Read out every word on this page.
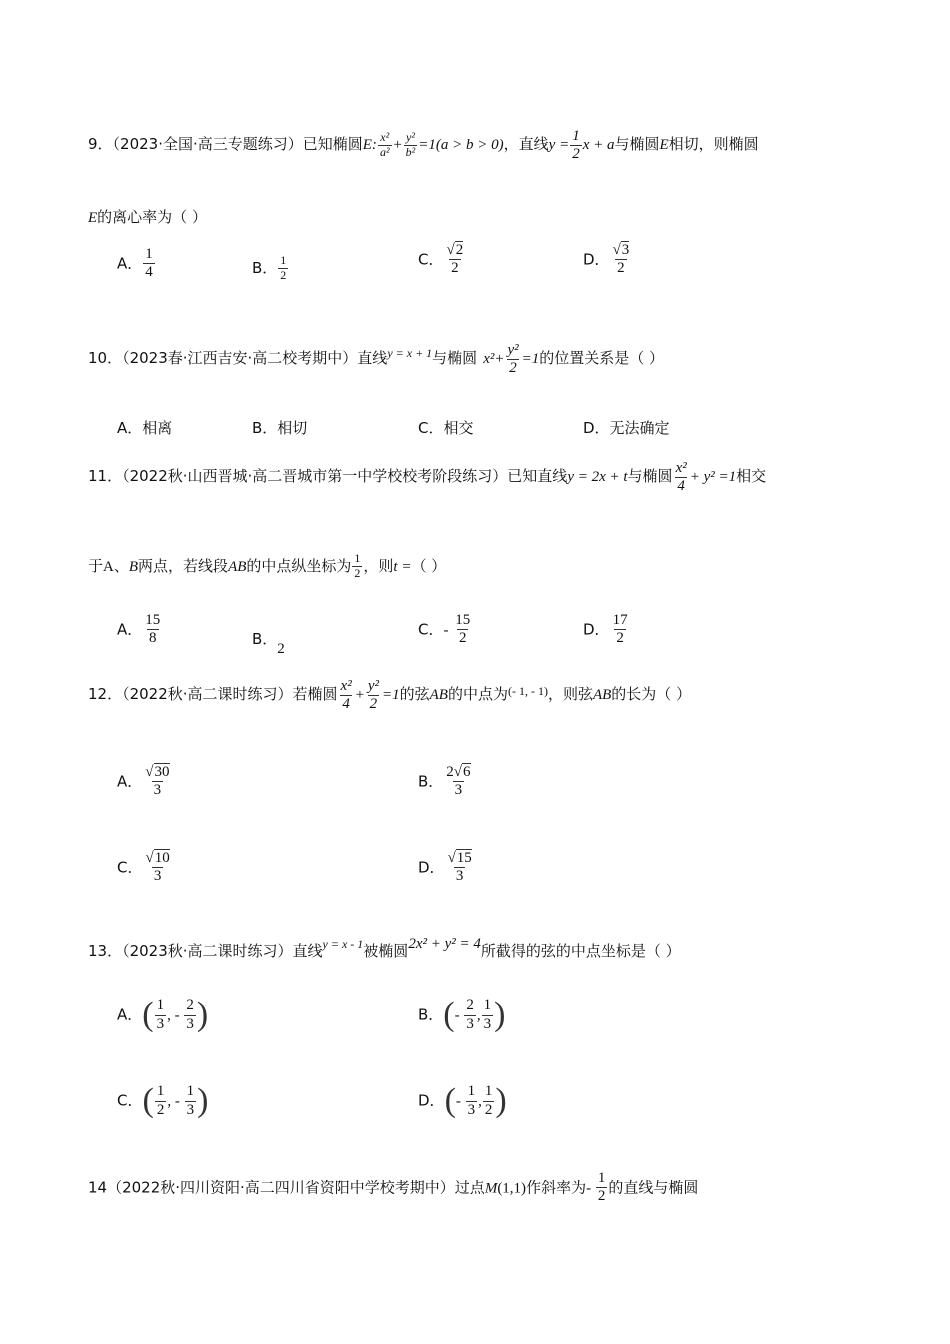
9．（2023·全国·高三专题练习）已知椭圆E: $\frac{\text{x²}}{\text{a²}} + \frac{\text{y²}}{\text{b²}} =1(a > b > 0)$，直线$y = \frac{1}{2}$ x + a与椭圆E相切，则椭圆
E的离心率为（ ）
A． $\frac{1}{4}$	B． $\frac{1}{2}$	C． $\frac{√2}{2}$	D． $\frac{√3}{2}$
10．（2023春·江西吉安·高二校考期中）直线$^{y = x + 1}$与椭圆 $x^2+ \frac{\text{y²}}{2} =1$的位置关系是（ ）
A．相离	B．相切	C．相交	D．无法确定
11．（2022秋·山西晋城·高二晋城市第一中学校校考阶段练习）已知直线y = 2x + t与椭圆 $\frac{\text{x²}}{4} + y^2 =1$相交
于A、B两点，若线段AB的中点纵坐标为 $\frac{1}{2}$ ，则t =（ ）
A． $\frac{15}{8}$	B．2
C．- $\frac{15}{2}$	D． $\frac{17}{2}$
12．（2022秋·高二课时练习）若椭圆 $\frac{\text{x²}}{4} + \frac{\text{y²}}{2} =1$的弦AB的中点为$^{(- 1, - 1)}$，则弦AB的长为（ ）
A． $\frac{√30}{3}$	B． $\frac{2√6}{3}$
C． $\frac{√10}{3}$	D． $\frac{√15}{3}$
13．（2023秋·高二课时练习）直线$^{y = x - 1}$被椭圆2x² + y² = 4所截得的弦的中点坐标是（ ）
A．( $\frac{1}{3}$ , - $\frac{2}{3}$ )	B．(- $\frac{2}{3}$ , $\frac{1}{3}$ )
C．( $\frac{1}{2}$ , - $\frac{1}{3}$ )	D．(- $\frac{1}{3}$ , $\frac{1}{2}$ )
14（2022秋·四川资阳·高二四川省资阳中学校考期中）过点M(1,1)作斜率为- $\frac{1}{2}$ 的直线与椭圆
